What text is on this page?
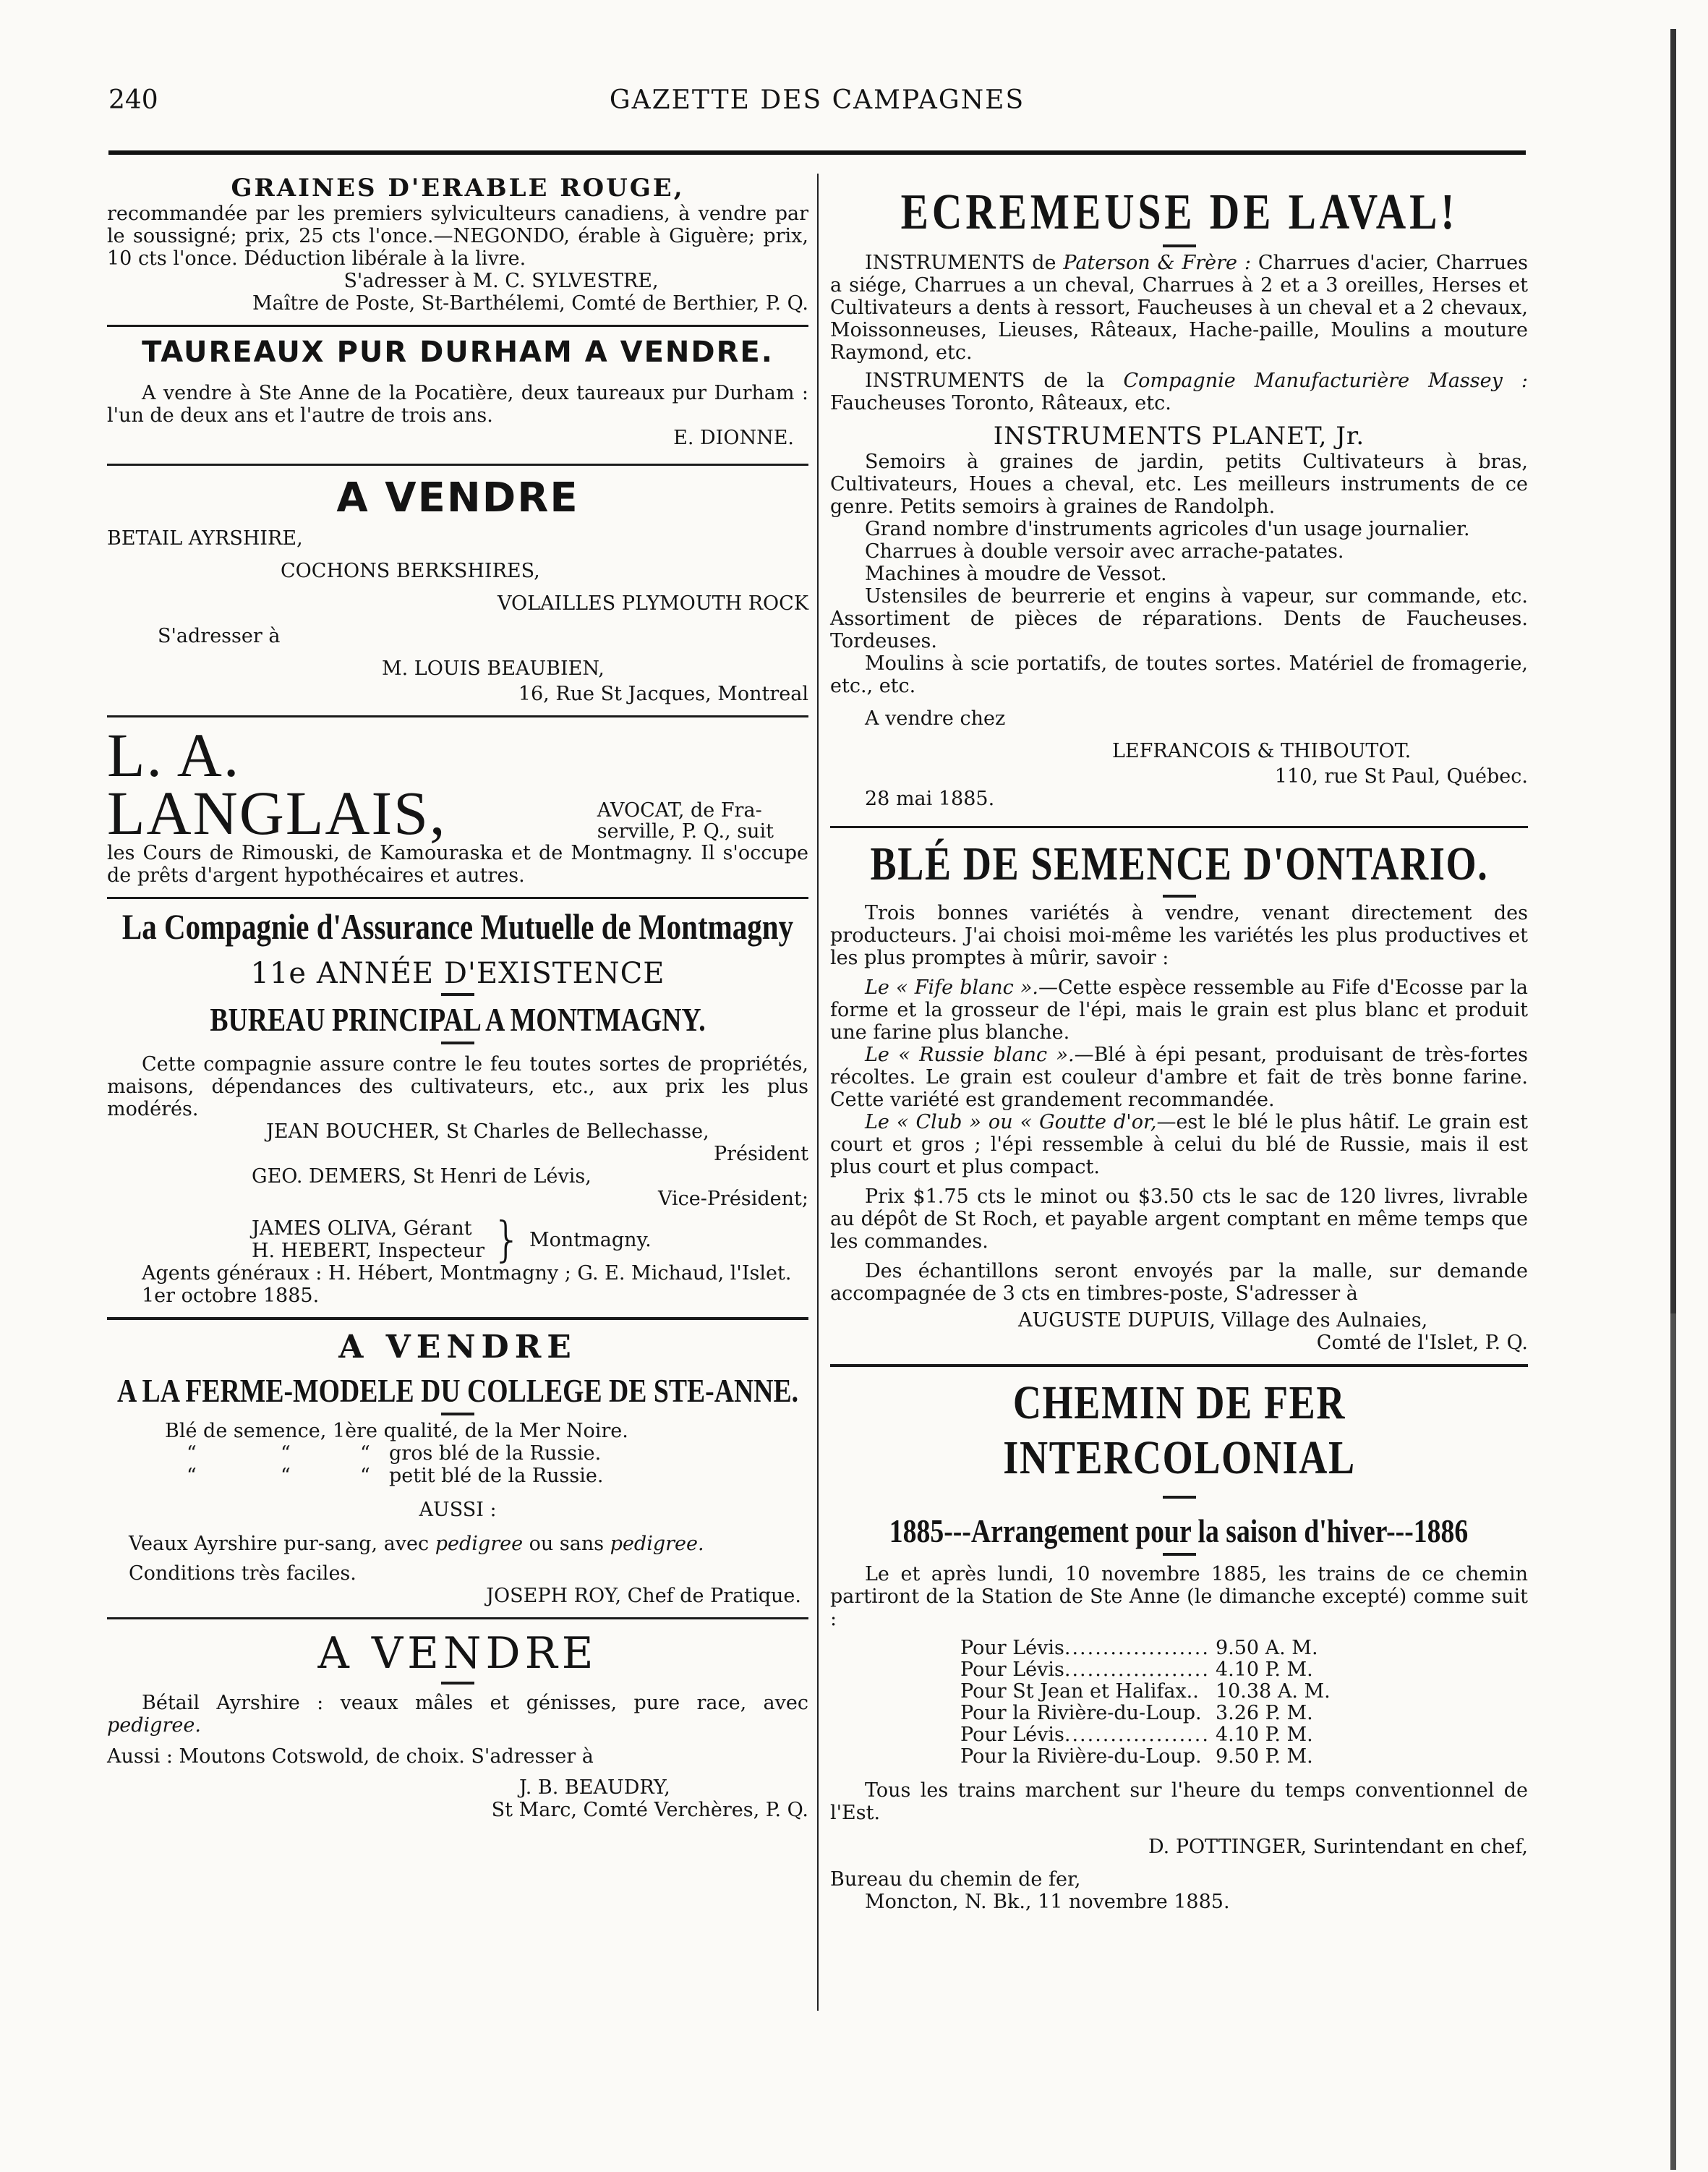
240	GAZETTE DES CAMPAGNES
GRAINES D'ERABLE ROUGE,

recommandée par les premiers sylviculteurs canadiens, à vendre par le soussigné; prix, 25 cts l'once.—NEGONDO, érable à Giguère; prix, 10 cts l'once. Déduction libérale à la livre.

S'adresser à M. C. SYLVESTRE,

Maître de Poste, St-Barthélemi, Comté de Berthier, P. Q.

TAUREAUX PUR DURHAM A VENDRE.

A vendre à Ste Anne de la Pocatière, deux taureaux pur Durham : l'un de deux ans et l'autre de trois ans.

E. DIONNE.

A VENDRE

BETAIL AYRSHIRE,

COCHONS BERKSHIRES,

VOLAILLES PLYMOUTH ROCK

S'adresser à

M. LOUIS BEAUBIEN,

16, Rue St Jacques, Montreal

L. A. LANGLAIS,	AVOCAT, de Fra-serville, P. Q., suit

les Cours de Rimouski, de Kamouraska et de Montmagny. Il s'occupe de prêts d'argent hypothécaires et autres.

La Compagnie d'Assurance Mutuelle de Montmagny
11e ANNÉE D'EXISTENCE
BUREAU PRINCIPAL A MONTMAGNY.

Cette compagnie assure contre le feu toutes sortes de propriétés, maisons, dépendances des cultivateurs, etc., aux prix les plus modérés.

JEAN BOUCHER, St Charles de Bellechasse,

Président

GEO. DEMERS, St Henri de Lévis,

Vice-Président;

JAMES OLIVA, Gérant

H. HEBERT, Inspecteur } Montmagny.

Agents généraux : H. Hébert, Montmagny ; G. E. Michaud, l'Islet.

1er octobre 1885.

A VENDRE
A LA FERME-MODELE DU COLLEGE DE STE-ANNE.

Blé de semence, 1ère qualité, de la Mer Noire.

“	“	“ gros blé de la Russie.
“	“	“ petit blé de la Russie.

AUSSI :

Veaux Ayrshire pur-sang, avec pedigree ou sans pedigree.

Conditions très faciles.

JOSEPH ROY, Chef de Pratique.

A VENDRE

Bétail Ayrshire : veaux mâles et génisses, pure race, avec pedigree.

Aussi : Moutons Cotswold, de choix. S'adresser à

J. B. BEAUDRY,

St Marc, Comté Verchères, P. Q.

ECREMEUSE DE LAVAL!

INSTRUMENTS de Paterson & Frère : Charrues d'acier, Charrues a siége, Charrues a un cheval, Charrues à 2 et a 3 oreilles, Herses et Cultivateurs a dents à ressort, Faucheuses à un cheval et a 2 chevaux, Moissonneuses, Lieuses, Râteaux, Hache-paille, Moulins a mouture Raymond, etc.

INSTRUMENTS de la Compagnie Manufacturière Massey : Faucheuses Toronto, Râteaux, etc.

INSTRUMENTS PLANET, Jr.

Semoirs à graines de jardin, petits Cultivateurs à bras, Cultivateurs, Houes a cheval, etc. Les meilleurs instruments de ce genre. Petits semoirs à graines de Randolph.

Grand nombre d'instruments agricoles d'un usage journalier.

Charrues à double versoir avec arrache-patates.

Machines à moudre de Vessot.

Ustensiles de beurrerie et engins à vapeur, sur commande, etc. Assortiment de pièces de réparations. Dents de Faucheuses. Tordeuses.

Moulins à scie portatifs, de toutes sortes. Matériel de fromagerie, etc., etc.

A vendre chez

LEFRANCOIS & THIBOUTOT.

110, rue St Paul, Québec.

28 mai 1885.

BLÉ DE SEMENCE D'ONTARIO.

Trois bonnes variétés à vendre, venant directement des producteurs. J'ai choisi moi-même les variétés les plus productives et les plus promptes à mûrir, savoir :

Le « Fife blanc ».—Cette espèce ressemble au Fife d'Ecosse par la forme et la grosseur de l'épi, mais le grain est plus blanc et produit une farine plus blanche.

Le « Russie blanc ».—Blé à épi pesant, produisant de très-fortes récoltes. Le grain est couleur d'ambre et fait de très bonne farine. Cette variété est grandement recommandée.

Le « Club » ou « Goutte d'or,—est le blé le plus hâtif. Le grain est court et gros ; l'épi ressemble à celui du blé de Russie, mais il est plus court et plus compact.

Prix $1.75 cts le minot ou $3.50 cts le sac de 120 livres, livrable au dépôt de St Roch, et payable argent comptant en même temps que les commandes.

Des échantillons seront envoyés par la malle, sur demande accompagnée de 3 cts en timbres-poste, S'adresser à

AUGUSTE DUPUIS, Village des Aulnaies,

Comté de l'Islet, P. Q.

CHEMIN DE FER INTERCOLONIAL
1885---Arrangement pour la saison d'hiver---1886

Le et après lundi, 10 novembre 1885, les trains de ce chemin partiront de la Station de Ste Anne (le dimanche excepté) comme suit :

Pour Lévis...................	9.50 A. M.
Pour Lévis...................	4.10 P. M.
Pour St Jean et Halifax..	10.38 A. M.
Pour la Rivière-du-Loup.	3.26 P. M.
Pour Lévis...................	4.10 P. M.
Pour la Rivière-du-Loup.	9.50 P. M.

Tous les trains marchent sur l'heure du temps conventionnel de l'Est.

D. POTTINGER, Surintendant en chef,

Bureau du chemin de fer,

Moncton, N. Bk., 11 novembre 1885.
